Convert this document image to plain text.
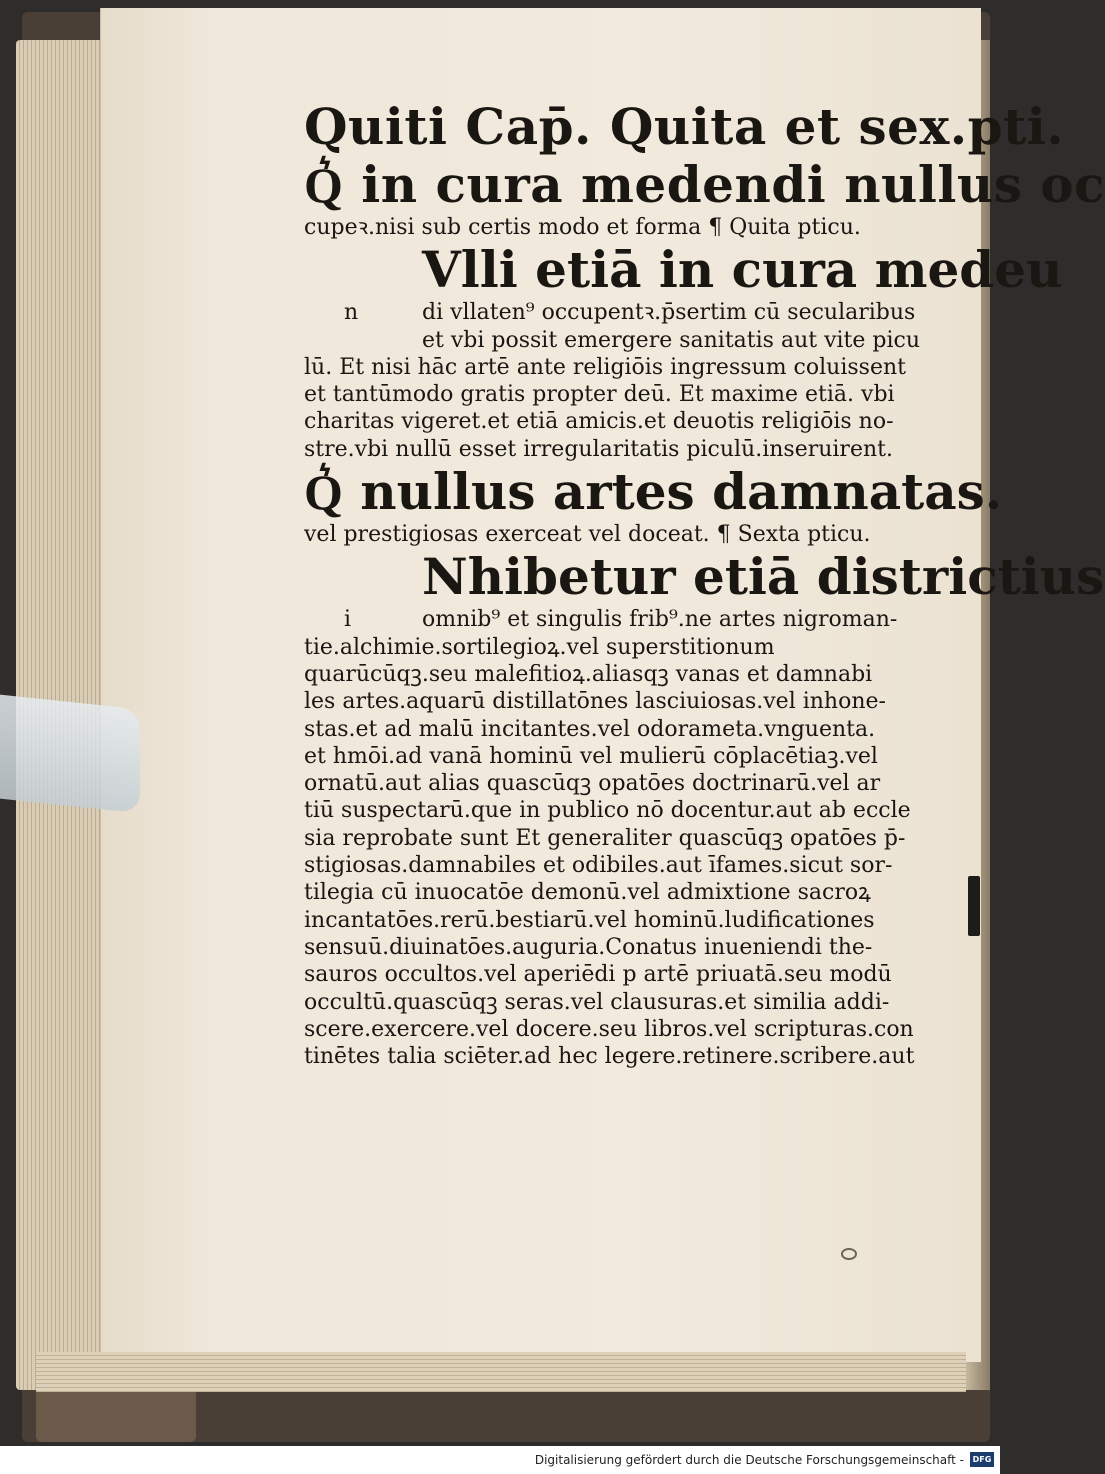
Quiti Cap̄. Quita et sex.pti.
Q͛ in cura medendi nullus oc
cupeꝛ.nisi sub certis modo et forma ¶ Quita pticu.
Vlli etiā in cura medeu
n	di vllaten⁹ occupentꝛ.p̄sertim cū secularibus
et vbi possit emergere sanitatis aut vite picu
lū. Et nisi hāc artē ante religiōis ingressum coluissent
et tantūmodo gratis propter deū. Et maxime etiā. vbi
charitas vigeret.et etiā amicis.et deuotis religiōis no-
stre.vbi nullū esset irregularitatis piculū.inseruirent.
Q͛ nullus artes damnatas.
vel prestigiosas exerceat vel doceat. ¶ Sexta pticu.
Nhibetur etiā districtius
i	omnib⁹ et singulis frib⁹.ne artes nigroman-
tie.alchimie.sortilegioꝝ.vel superstitionum
quarūcūqꝫ.seu malefitioꝝ.aliasqꝫ vanas et damnabi
les artes.aquarū distillatōnes lasciuiosas.vel inhone-
stas.et ad malū incitantes.vel odorameta.vnguenta.
et hmōi.ad vanā hominū vel mulierū cōplacētiaꝫ.vel
ornatū.aut alias quascūqꝫ opatōes doctrinarū.vel ar
tiū suspectarū.que in publico nō docentur.aut ab eccle
sia reprobate sunt Et generaliter quascūqꝫ opatōes p̄-
stigiosas.damnabiles et odibiles.aut īfames.sicut sor-
tilegia cū inuocatōe demonū.vel admixtione sacroꝝ
incantatōes.rerū.bestiarū.vel hominū.ludificationes
sensuū.diuinatōes.auguria.Conatus inueniendi the-
sauros occultos.vel aperiēdi p artē priuatā.seu modū
occultū.quascūqꝫ seras.vel clausuras.et similia addi-
scere.exercere.vel docere.seu libros.vel scripturas.con
tinētes talia sciēter.ad hec legere.retinere.scribere.aut
Digitalisierung gefördert durch die Deutsche Forschungsgemeinschaft -	DFG
